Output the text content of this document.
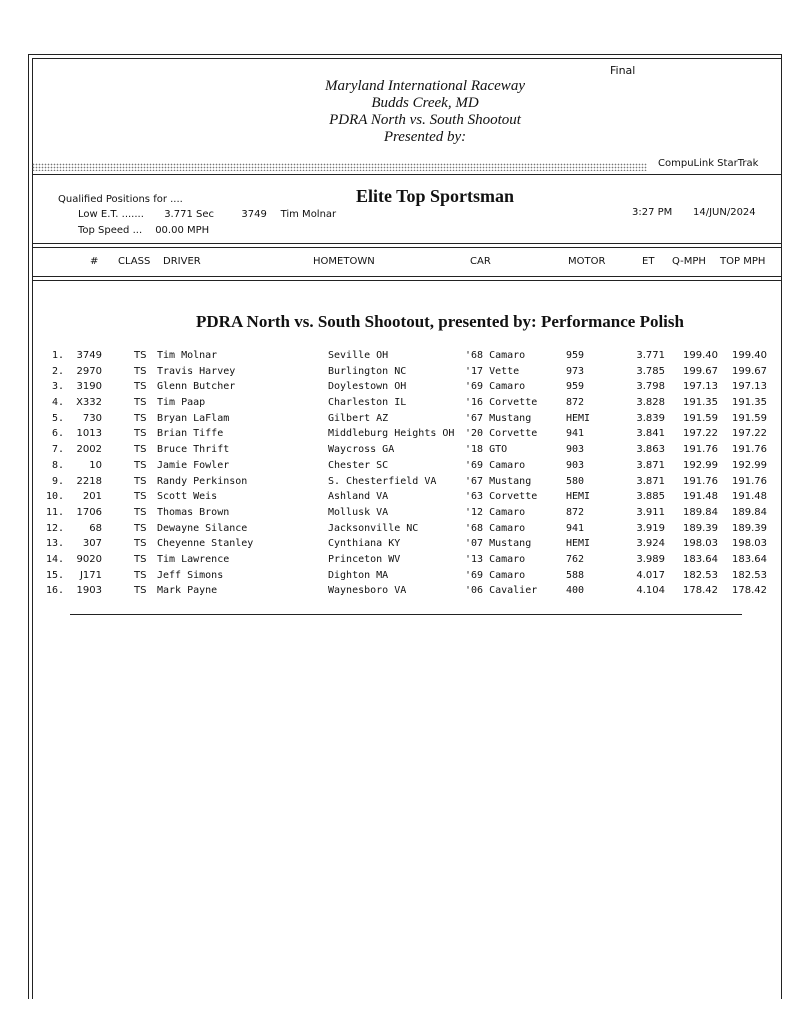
Final
Maryland International Raceway
Budds Creek, MD
PDRA North vs. South Shootout
Presented by:
CompuLink StarTrak
Qualified Positions for ....
Low E.T. ....... 3.771 Sec	3749 Tim Molnar
Top Speed ... 00.00 MPH
Elite Top Sportsman
3:27 PM 14/JUN/2024
# CLASS DRIVER	HOMETOWN	CAR	MOTOR	ET Q-MPH TOP MPH
PDRA North vs. South Shootout, presented by: Performance Polish
1.	3749	TS Tim Molnar	Seville OH	'68 Camaro	959	3.771	199.40	199.40
2.	2970	TS Travis Harvey	Burlington NC	'17 Vette	973	3.785	199.67	199.67
3.	3190	TS Glenn Butcher	Doylestown OH	'69 Camaro	959	3.798	197.13	197.13
4.	X332	TS Tim Paap	Charleston IL	'16 Corvette	872	3.828	191.35	191.35
5.	730	TS Bryan LaFlam	Gilbert AZ	'67 Mustang	HEMI	3.839	191.59	191.59
6.	1013	TS Brian Tiffe	Middleburg Heights OH '20 Corvette	941	3.841	197.22	197.22
7.	2002	TS Bruce Thrift	Waycross GA	'18 GTO	903	3.863	191.76	191.76
8.	10	TS Jamie Fowler	Chester SC	'69 Camaro	903	3.871	192.99	192.99
9.	2218	TS Randy Perkinson	S. Chesterfield VA	'67 Mustang	580	3.871	191.76	191.76
10.	201	TS Scott Weis	Ashland VA	'63 Corvette	HEMI	3.885	191.48	191.48
11.	1706	TS Thomas Brown	Mollusk VA	'12 Camaro	872	3.911	189.84	189.84
12.	68	TS Dewayne Silance	Jacksonville NC	'68 Camaro	941	3.919	189.39	189.39
13.	307	TS Cheyenne Stanley	Cynthiana KY	'07 Mustang	HEMI	3.924	198.03	198.03
14.	9020	TS Tim Lawrence	Princeton WV	'13 Camaro	762	3.989	183.64	183.64
15.	J171	TS Jeff Simons	Dighton MA	'69 Camaro	588	4.017	182.53	182.53
16.	1903	TS Mark Payne	Waynesboro VA	'06 Cavalier	400	4.104	178.42	178.42
